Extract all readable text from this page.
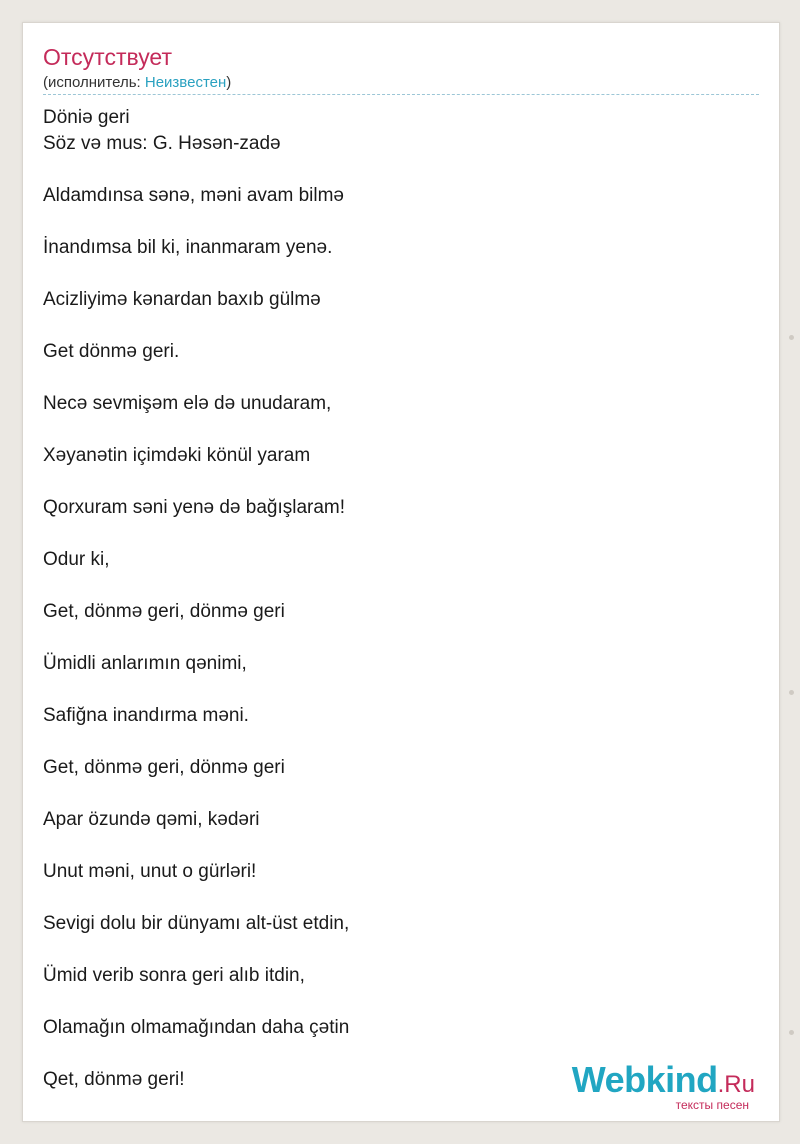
Отсутствует
(исполнитель: Неизвестен)
Dönіə geri
Söz və mus: G. Həsən-zadə
Aldamdınsa sənə, məni avam bilmə
İnandımsa bil ki, inanmaram yenə.
Acizliyimə kənardan baxıb gülmə
Get dönmə geri.
Necə sevmişəm elə də unudaram,
Xəyanətin içimdəki könül yaram
Qorxuram səni yenə də bağışlaram!
Odur ki,
Get, dönmə geri, dönmə geri
Ümidli anlarımın qənimi,
Safiğna inandırma məni.
Get, dönmə geri, dönmə geri
Apar özundə qəmi, kədəri
Unut məni, unut o gürləri!
Sevigi dolu bir dünyamı alt-üst etdin,
Ümid verib sonra geri alıb itdin,
Olamağın olmamağından daha çətin
Qet, dönmə geri!	Webkind.Ru
тексты песен
